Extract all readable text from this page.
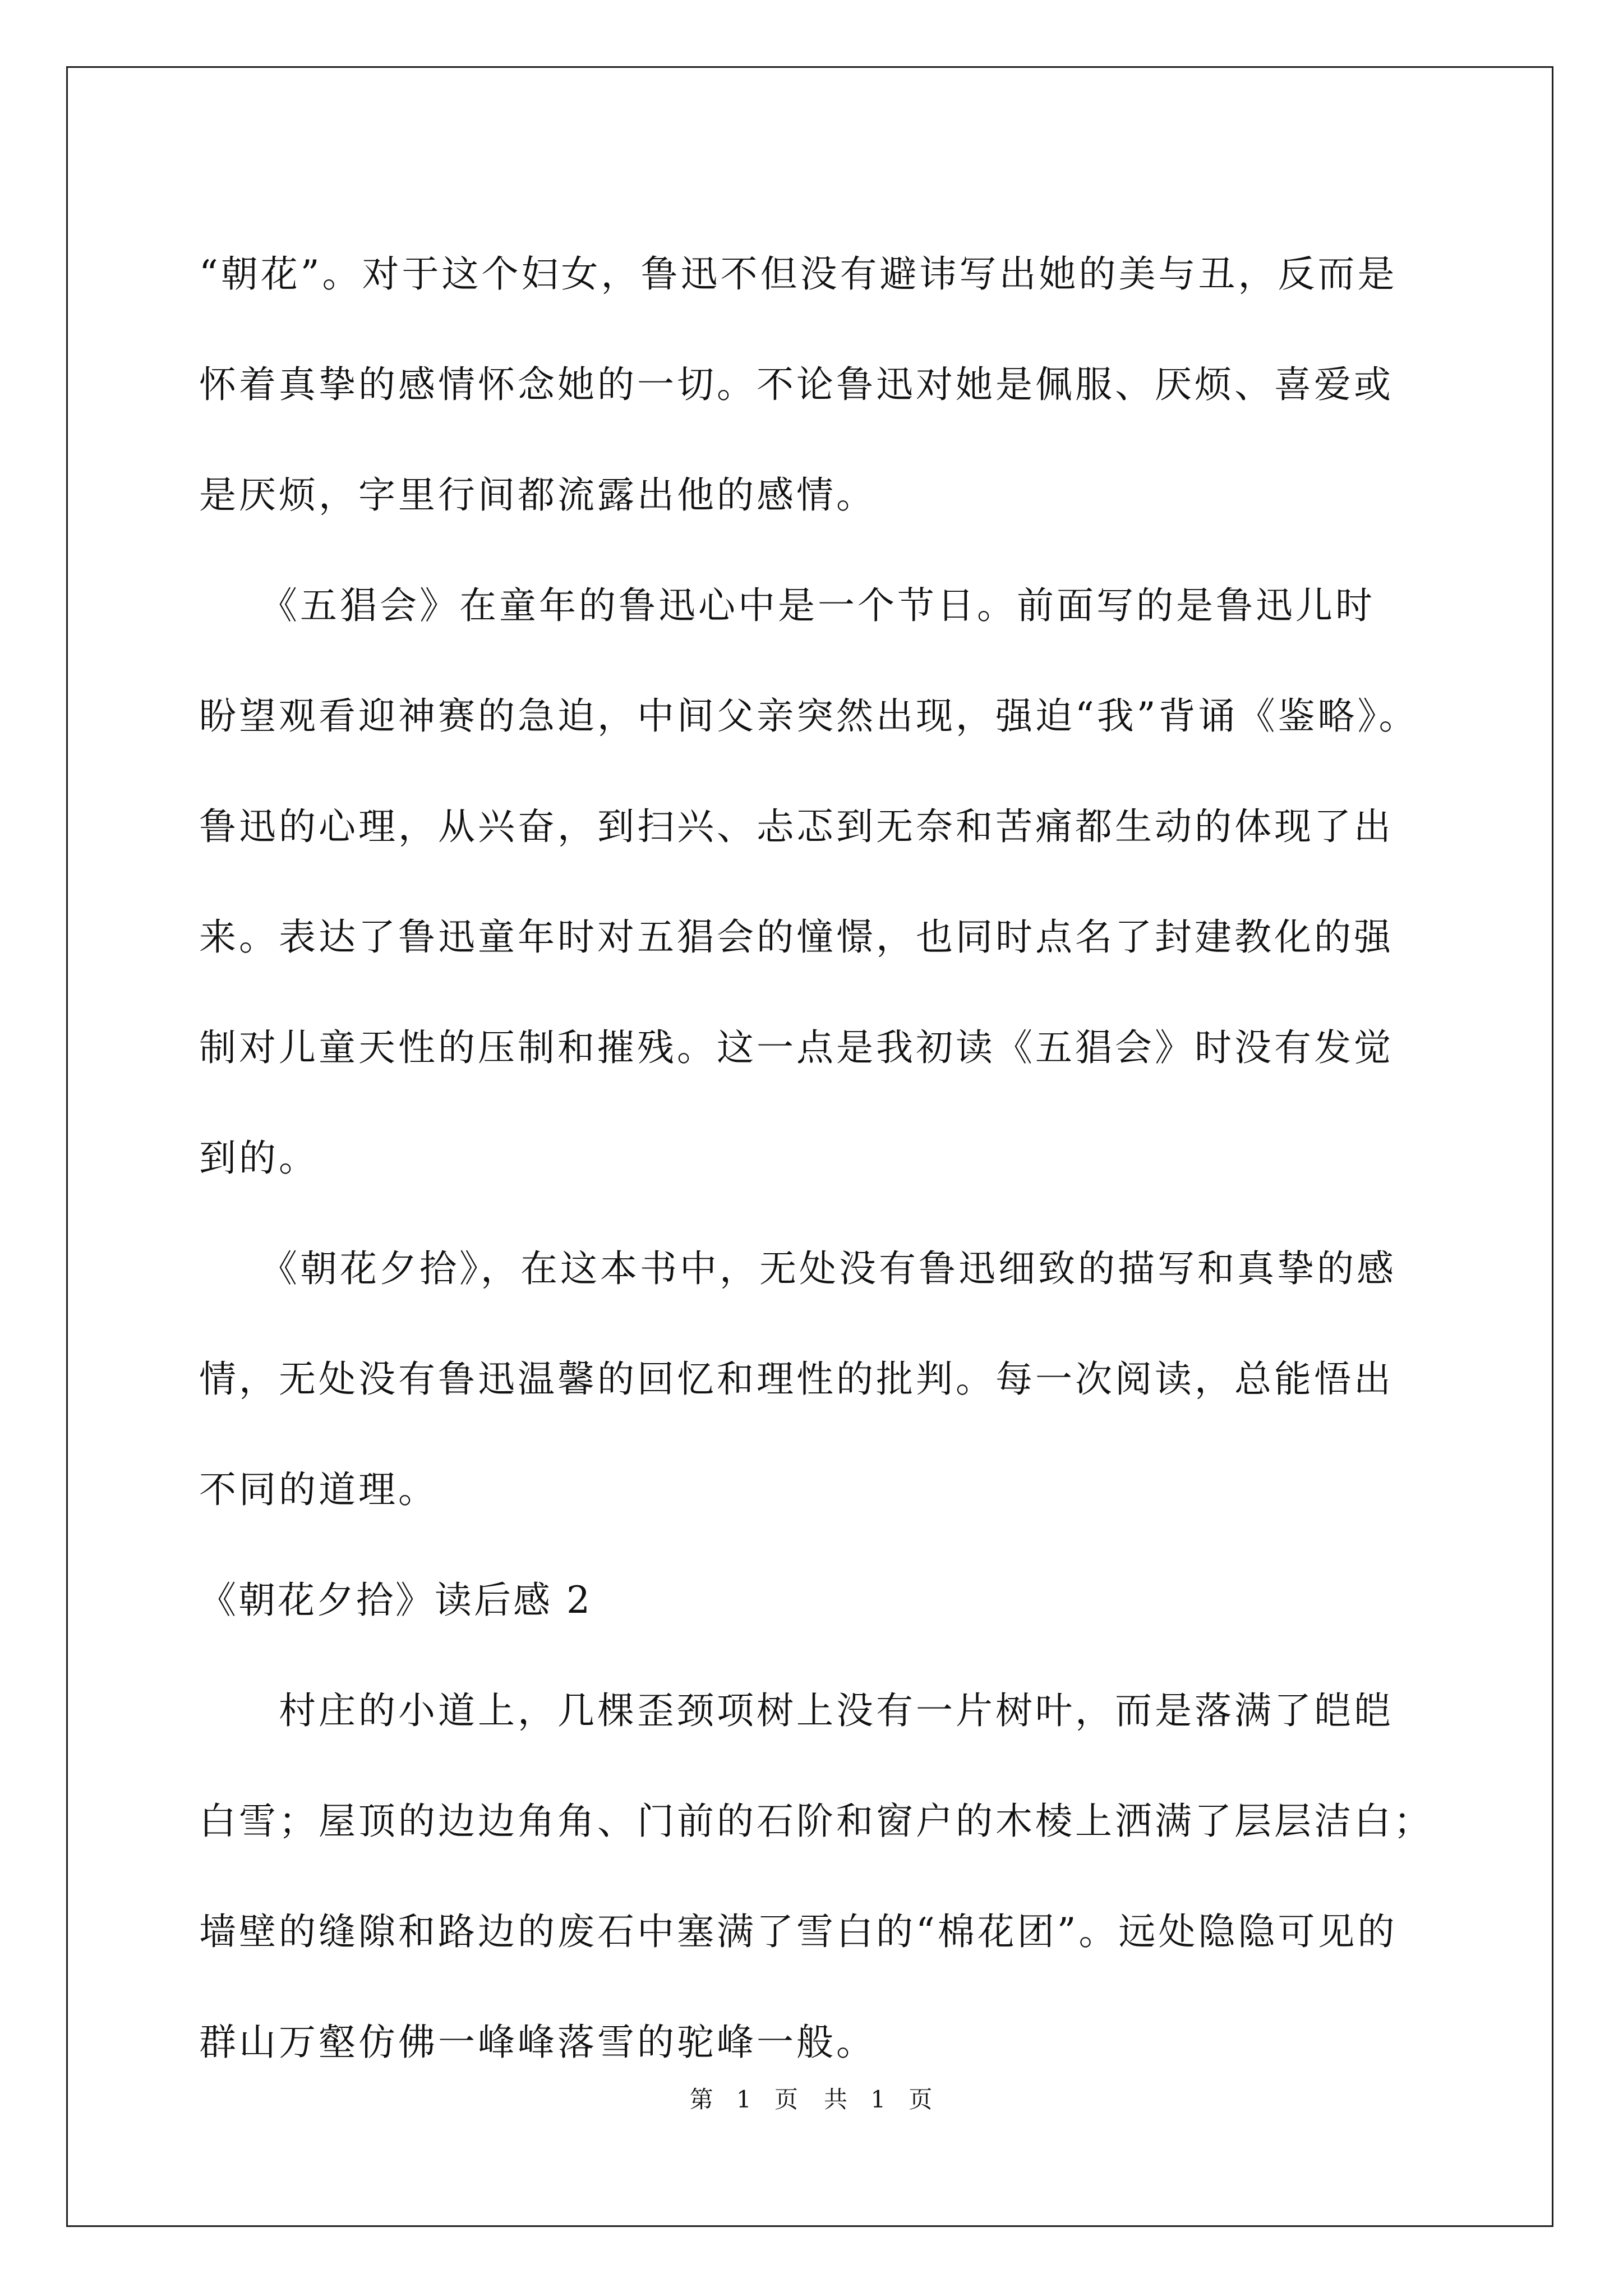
“朝花”。对于这个妇女，鲁迅不但没有避讳写出她的美与丑，反而是

怀着真挚的感情怀念她的一切。不论鲁迅对她是佩服、厌烦、喜爱或

是厌烦，字里行间都流露出他的感情。

　　《五猖会》在童年的鲁迅心中是一个节日。前面写的是鲁迅儿时

盼望观看迎神赛的急迫，中间父亲突然出现，强迫“我”背诵《鉴略》。

鲁迅的心理，从兴奋，到扫兴、忐忑到无奈和苦痛都生动的体现了出

来。表达了鲁迅童年时对五猖会的憧憬，也同时点名了封建教化的强

制对儿童天性的压制和摧残。这一点是我初读《五猖会》时没有发觉

到的。

　　《朝花夕拾》，在这本书中，无处没有鲁迅细致的描写和真挚的感

情，无处没有鲁迅温馨的回忆和理性的批判。每一次阅读，总能悟出

不同的道理。

《朝花夕拾》读后感 2

　　村庄的小道上，几棵歪颈项树上没有一片树叶，而是落满了皑皑

白雪；屋顶的边边角角、门前的石阶和窗户的木棱上洒满了层层洁白；

墙壁的缝隙和路边的废石中塞满了雪白的“棉花团”。远处隐隐可见的

群山万壑仿佛一峰峰落雪的驼峰一般。

第 1 页　共 1 页
